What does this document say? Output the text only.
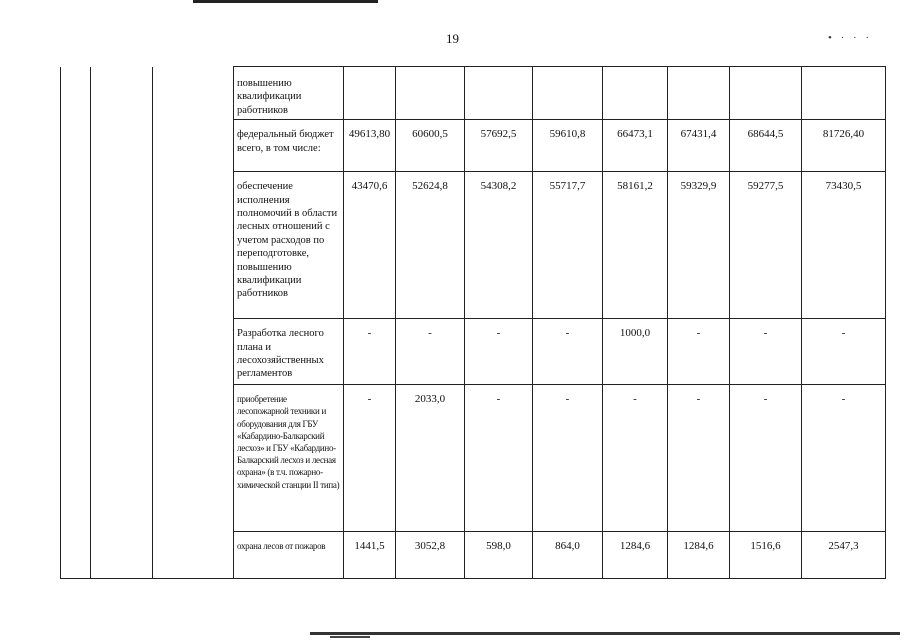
19	• · · ·
			повышению квалификации работников								
			федеральный бюджет всего, в том числе:	49613,80	60600,5	57692,5	59610,8	66473,1	67431,4	68644,5	81726,40
			обеспечение исполнения полномочий в области лесных отношений с учетом расходов по переподготовке, повышению квалификации работников	43470,6	52624,8	54308,2	55717,7	58161,2	59329,9	59277,5	73430,5
			Разработка лесного плана и лесохозяйственных регламентов	-	-	-	-	1000,0	-	-	-
			приобретение лесопожарной техники и оборудования для ГБУ «Кабардино-Балкарский лесхоз» и ГБУ «Кабардино-Балкарский лесхоз и лесная охрана» (в т.ч. пожарно-химической станции II типа)	-	2033,0	-	-	-	-	-	-
			охрана лесов от пожаров	1441,5	3052,8	598,0	864,0	1284,6	1284,6	1516,6	2547,3
